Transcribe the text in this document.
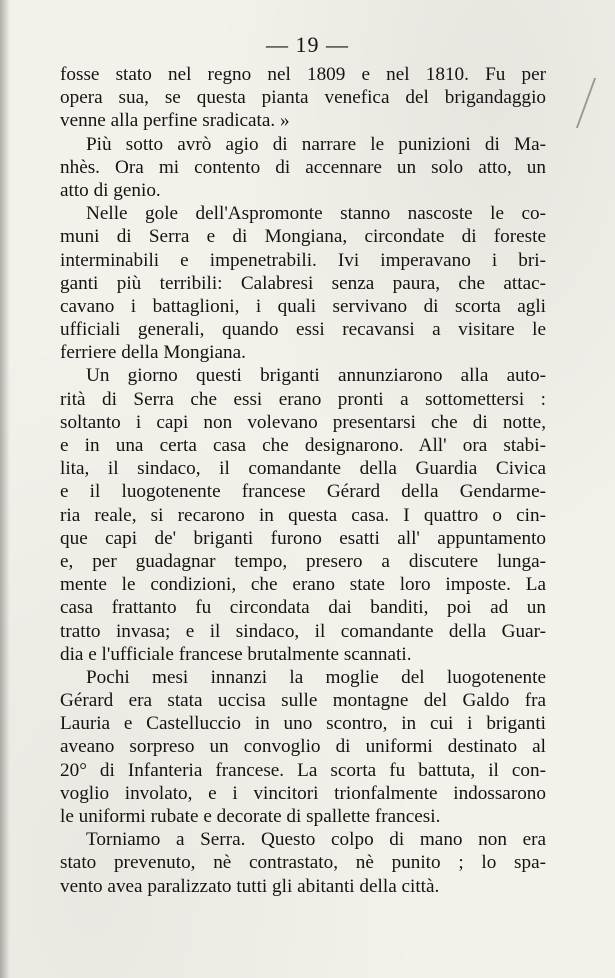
— 19 —
fosse stato nel regno nel 1809 e nel 1810. Fu per
opera sua, se questa pianta venefica del brigandaggio
venne alla perfine sradicata. »
Più sotto avrò agio di narrare le punizioni di Ma-
nhès. Ora mi contento di accennare un solo atto, un
atto di genio.
Nelle gole dell'Aspromonte stanno nascoste le co-
muni di Serra e di Mongiana, circondate di foreste
interminabili e impenetrabili. Ivi imperavano i bri-
ganti più terribili: Calabresi senza paura, che attac-
cavano i battaglioni, i quali servivano di scorta agli
ufficiali generali, quando essi recavansi a visitare le
ferriere della Mongiana.
Un giorno questi briganti annunziarono alla auto-
rità di Serra che essi erano pronti a sottomettersi :
soltanto i capi non volevano presentarsi che di notte,
e in una certa casa che designarono. All' ora stabi-
lita, il sindaco, il comandante della Guardia Civica
e il luogotenente francese Gérard della Gendarme-
ria reale, si recarono in questa casa. I quattro o cin-
que capi de' briganti furono esatti all' appuntamento
e, per guadagnar tempo, presero a discutere lunga-
mente le condizioni, che erano state loro imposte. La
casa frattanto fu circondata dai banditi, poi ad un
tratto invasa; e il sindaco, il comandante della Guar-
dia e l'ufficiale francese brutalmente scannati.
Pochi mesi innanzi la moglie del luogotenente
Gérard era stata uccisa sulle montagne del Galdo fra
Lauria e Castelluccio in uno scontro, in cui i briganti
aveano sorpreso un convoglio di uniformi destinato al
20° di Infanteria francese. La scorta fu battuta, il con-
voglio involato, e i vincitori trionfalmente indossarono
le uniformi rubate e decorate di spallette francesi.
Torniamo a Serra. Questo colpo di mano non era
stato prevenuto, nè contrastato, nè punito ; lo spa-
vento avea paralizzato tutti gli abitanti della città.
